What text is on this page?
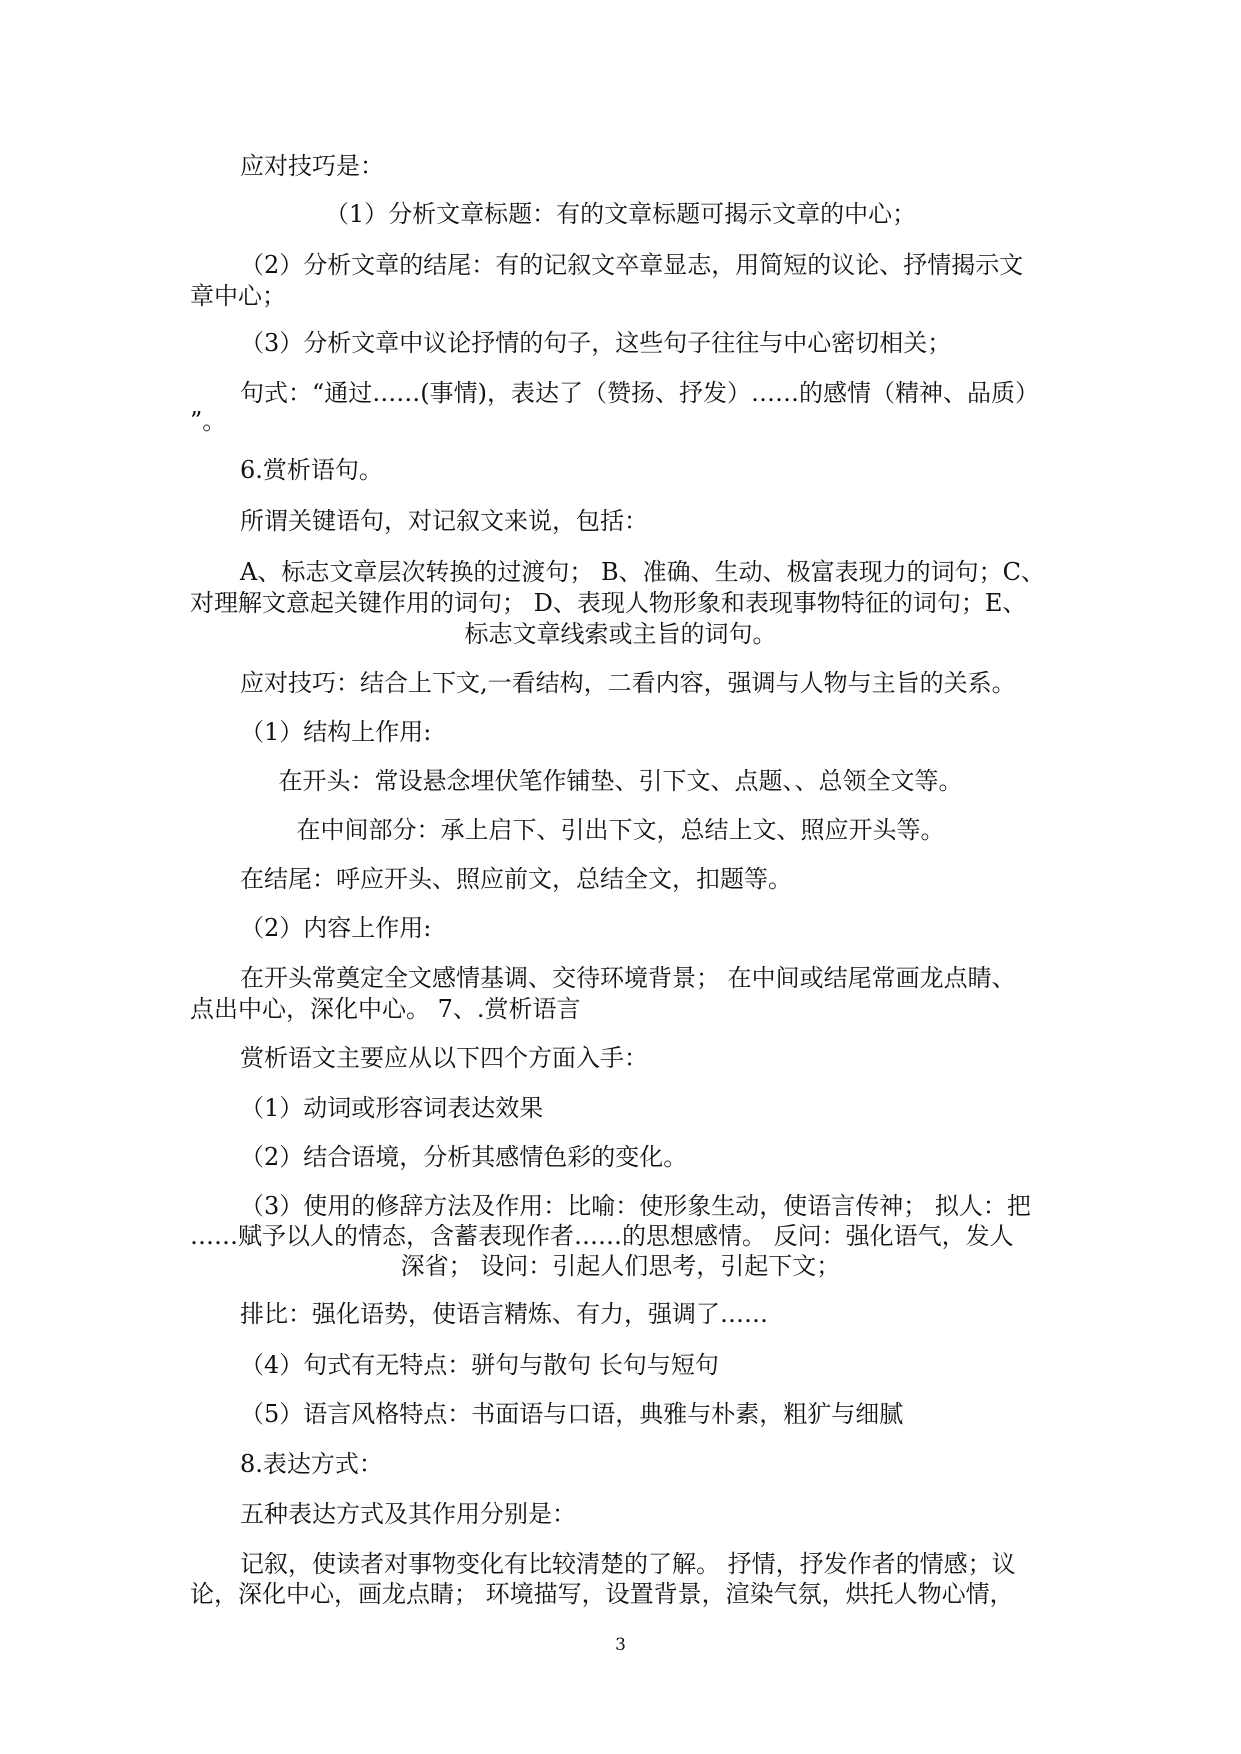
应对技巧是：
（1）分析文章标题：有的文章标题可揭示文章的中心；
（2）分析文章的结尾：有的记叙文卒章显志，用简短的议论、抒情揭示文
章中心；
（3）分析文章中议论抒情的句子，这些句子往往与中心密切相关；
句式：“通过……(事情)，表达了（赞扬、抒发）……的感情（精神、品质）
”。
6.赏析语句。
所谓关键语句，对记叙文来说，包括：
A、标志文章层次转换的过渡句； B、准确、生动、极富表现力的词句；C、
对理解文意起关键作用的词句； D、表现人物形象和表现事物特征的词句；E、
标志文章线索或主旨的词句。
应对技巧：结合上下文,一看结构，二看内容，强调与人物与主旨的关系。
（1）结构上作用:
在开头：常设悬念埋伏笔作铺垫、引下文、点题、、总领全文等。
在中间部分：承上启下、引出下文，总结上文、照应开头等。
在结尾：呼应开头、照应前文，总结全文，扣题等。
（2）内容上作用:
在开头常奠定全文感情基调、交待环境背景； 在中间或结尾常画龙点睛、
点出中心，深化中心。 7、.赏析语言
赏析语文主要应从以下四个方面入手：
（1）动词或形容词表达效果
（2）结合语境，分析其感情色彩的变化。
（3）使用的修辞方法及作用：比喻：使形象生动，使语言传神； 拟人：把
……赋予以人的情态，含蓄表现作者……的思想感情。 反问：强化语气，发人
深省； 设问：引起人们思考，引起下文；
排比：强化语势，使语言精炼、有力，强调了……
（4）句式有无特点：骈句与散句 长句与短句
（5）语言风格特点：书面语与口语，典雅与朴素，粗犷与细腻
8.表达方式：
五种表达方式及其作用分别是：
记叙，使读者对事物变化有比较清楚的了解。 抒情，抒发作者的情感；议
论，深化中心，画龙点睛； 环境描写，设置背景，渲染气氛，烘托人物心情，
3
